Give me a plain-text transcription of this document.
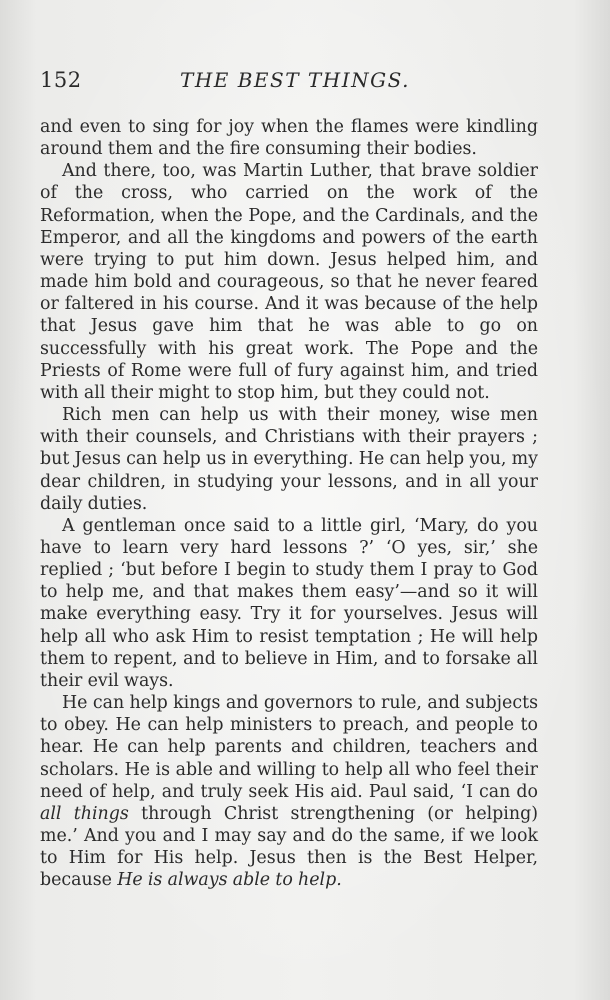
152	THE BEST THINGS.

and even to sing for joy when the flames were kindling around them and the fire consuming their bodies.

And there, too, was Martin Luther, that brave soldier of the cross, who carried on the work of the Reformation, when the Pope, and the Cardinals, and the Emperor, and all the kingdoms and powers of the earth were trying to put him down. Jesus helped him, and made him bold and courageous, so that he never feared or faltered in his course. And it was because of the help that Jesus gave him that he was able to go on successfully with his great work. The Pope and the Priests of Rome were full of fury against him, and tried with all their might to stop him, but they could not.

Rich men can help us with their money, wise men with their counsels, and Christians with their prayers ; but Jesus can help us in everything. He can help you, my dear children, in studying your lessons, and in all your daily duties.

A gentleman once said to a little girl, ‘Mary, do you have to learn very hard lessons ?’ ‘O yes, sir,’ she replied ; ‘but before I begin to study them I pray to God to help me, and that makes them easy’—and so it will make everything easy. Try it for yourselves. Jesus will help all who ask Him to resist temptation ; He will help them to repent, and to believe in Him, and to forsake all their evil ways.

He can help kings and governors to rule, and subjects to obey. He can help ministers to preach, and people to hear. He can help parents and children, teachers and scholars. He is able and willing to help all who feel their need of help, and truly seek His aid. Paul said, ‘I can do all things through Christ strengthening (or helping) me.’ And you and I may say and do the same, if we look to Him for His help. Jesus then is the Best Helper, because He is always able to help.
